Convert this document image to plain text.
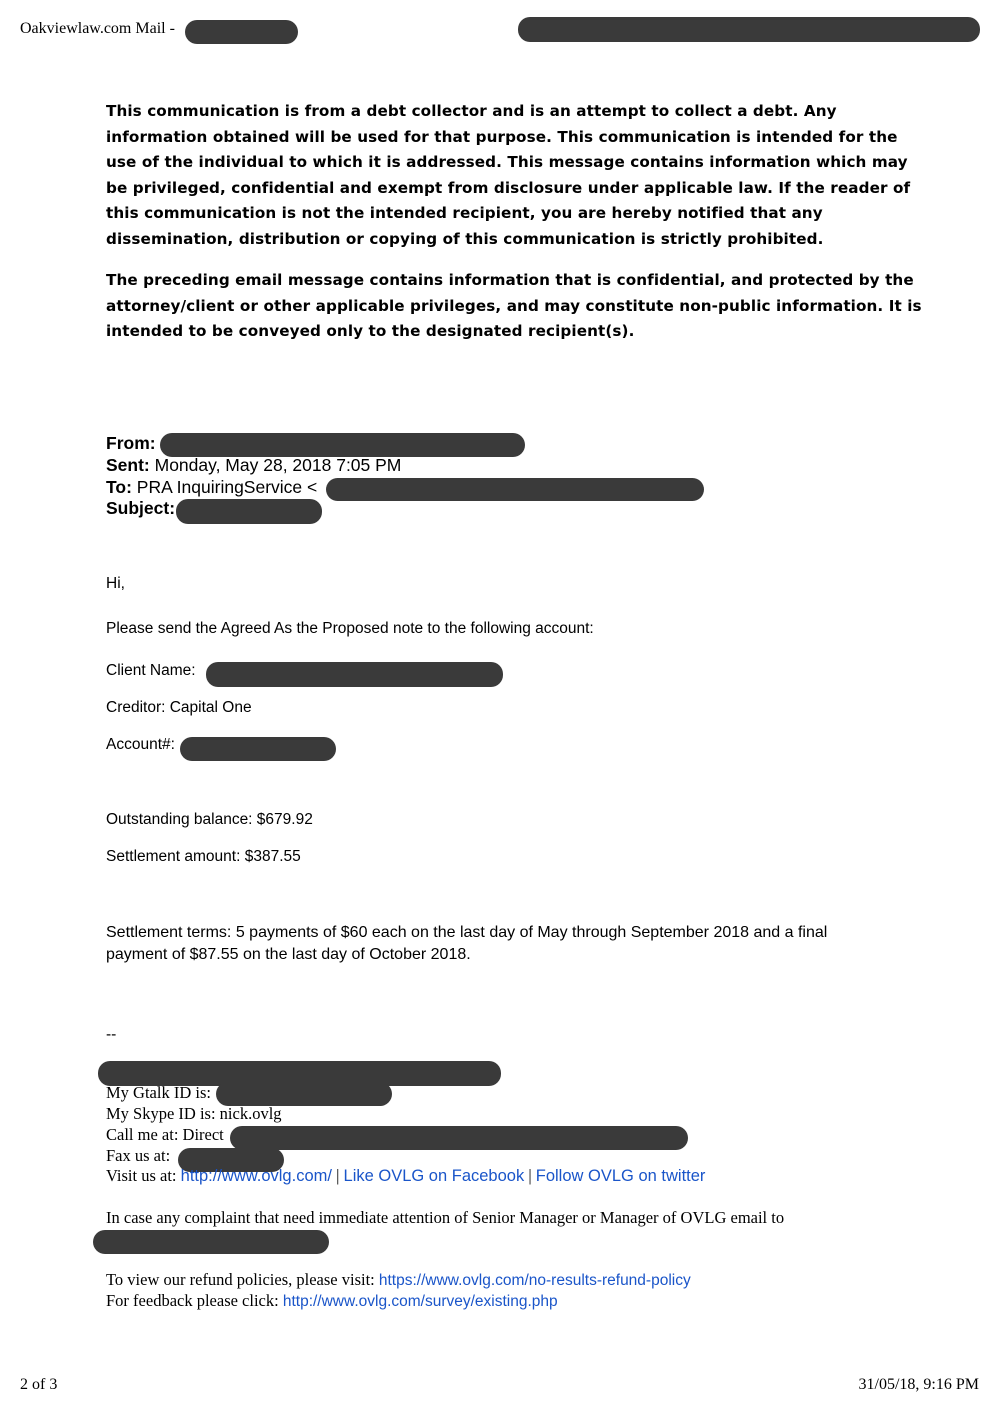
Oakviewlaw.com Mail -
This communication is from a debt collector and is an attempt to collect a debt. Any
information obtained will be used for that purpose. This communication is intended for the
use of the individual to which it is addressed. This message contains information which may
be privileged, confidential and exempt from disclosure under applicable law. If the reader of
this communication is not the intended recipient, you are hereby notified that any
dissemination, distribution or copying of this communication is strictly prohibited.
The preceding email message contains information that is confidential, and protected by the
attorney/client or other applicable privileges, and may constitute non-public information. It is
intended to be conveyed only to the designated recipient(s).
From:
Sent: Monday, May 28, 2018 7:05 PM
To: PRA InquiringService <
Subject:
Hi,
Please send the Agreed As the Proposed note to the following account:
Client Name:
Creditor: Capital One
Account#:
Outstanding balance: $679.92
Settlement amount: $387.55
Settlement terms: 5 payments of $60 each on the last day of May through September 2018 and a final
payment of $87.55 on the last day of October 2018.
--
My Gtalk ID is:
My Skype ID is: nick.ovlg
Call me at: Direct
Fax us at:
Visit us at: http://www.ovlg.com/ | Like OVLG on Facebook | Follow OVLG on twitter
In case any complaint that need immediate attention of Senior Manager or Manager of OVLG email to
To view our refund policies, please visit: https://www.ovlg.com/no-results-refund-policy
For feedback please click: http://www.ovlg.com/survey/existing.php
2 of 3	31/05/18, 9:16 PM
